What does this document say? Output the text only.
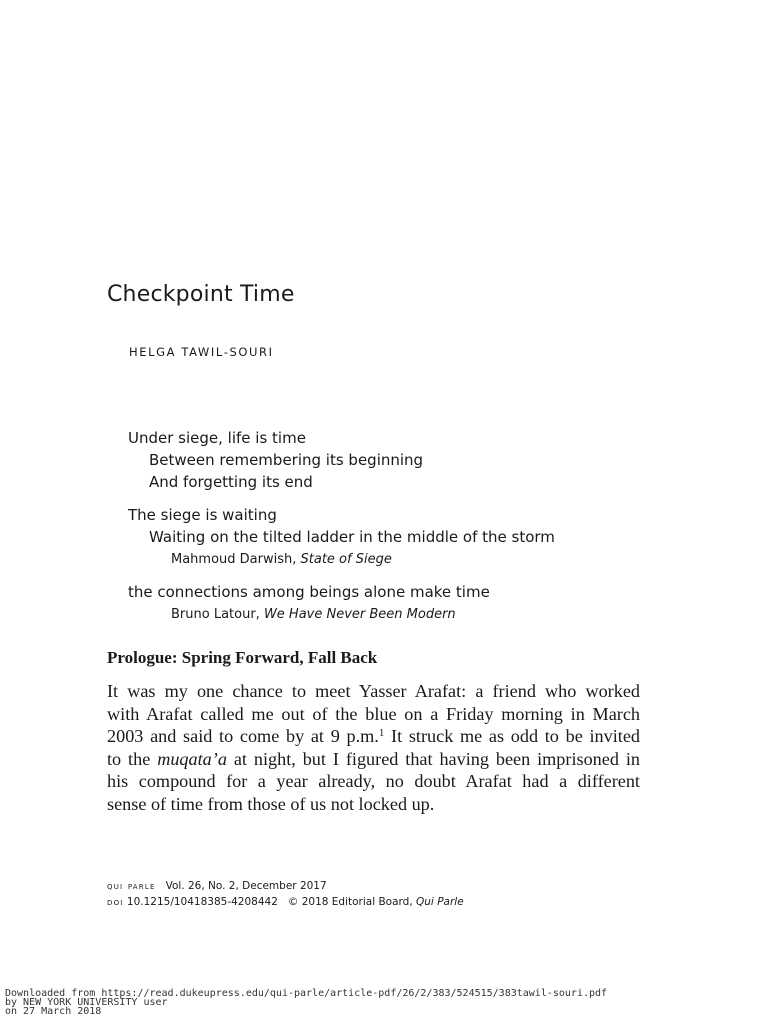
Checkpoint Time
HELGA TAWIL-SOURI
Under siege, life is time
Between remembering its beginning
And forgetting its end
The siege is waiting
Waiting on the tilted ladder in the middle of the storm
Mahmoud Darwish, State of Siege
the connections among beings alone make time
Bruno Latour, We Have Never Been Modern
Prologue: Spring Forward, Fall Back
It was my one chance to meet Yasser Arafat: a friend who worked
with Arafat called me out of the blue on a Friday morning in March
2003 and said to come by at 9 p.m.$^1$ It struck me as odd to be invited
to the muqata’a at night, but I figured that having been imprisoned in
his compound for a year already, no doubt Arafat had a different
sense of time from those of us not locked up.
qui parle Vol. 26, No. 2, December 2017
doi 10.1215/10418385-4208442 © 2018 Editorial Board, Qui Parle
Downloaded from https://read.dukeupress.edu/qui-parle/article-pdf/26/2/383/524515/383tawil-souri.pdf
by NEW YORK UNIVERSITY user
on 27 March 2018
